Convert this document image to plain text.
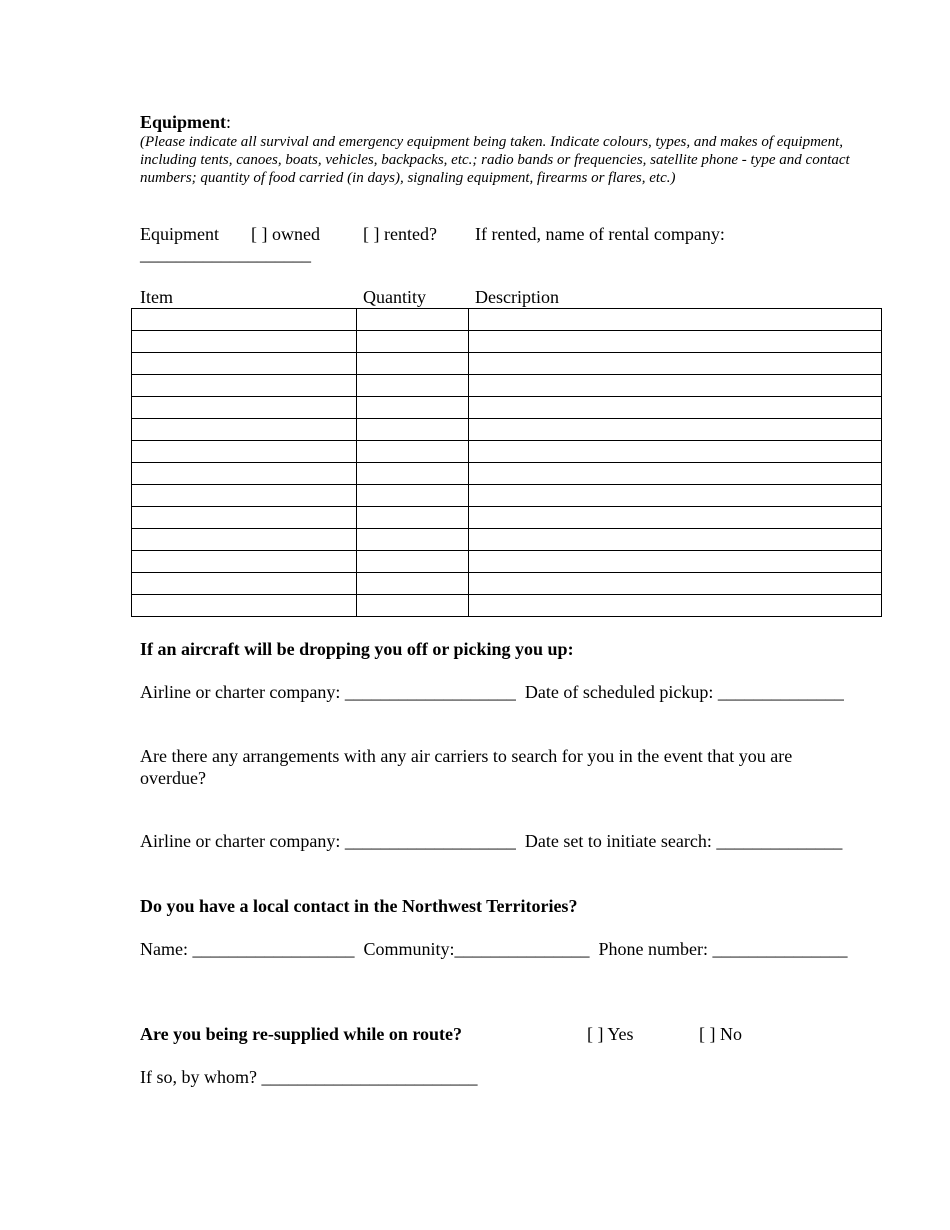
Equipment:
(Please indicate all survival and emergency equipment being taken. Indicate colours, types, and makes of equipment, including tents, canoes, boats, vehicles, backpacks, etc.; radio bands or frequencies, satellite phone - type and contact numbers; quantity of food carried (in days), signaling equipment, firearms or flares, etc.)
Equipment [ ] owned [ ] rented? If rented, name of rental company:
___________________
Item	Quantity	Description

If an aircraft will be dropping you off or picking you up:
Airline or charter company: ___________________  Date of scheduled pickup: ______________
Are there any arrangements with any air carriers to search for you in the event that you are overdue?
Airline or charter company: ___________________  Date set to initiate search: ______________
Do you have a local contact in the Northwest Territories?
Name: __________________  Community:_______________  Phone number: _______________
Are you being re-supplied while on route?	[ ] Yes	[ ] No
If so, by whom? ________________________
